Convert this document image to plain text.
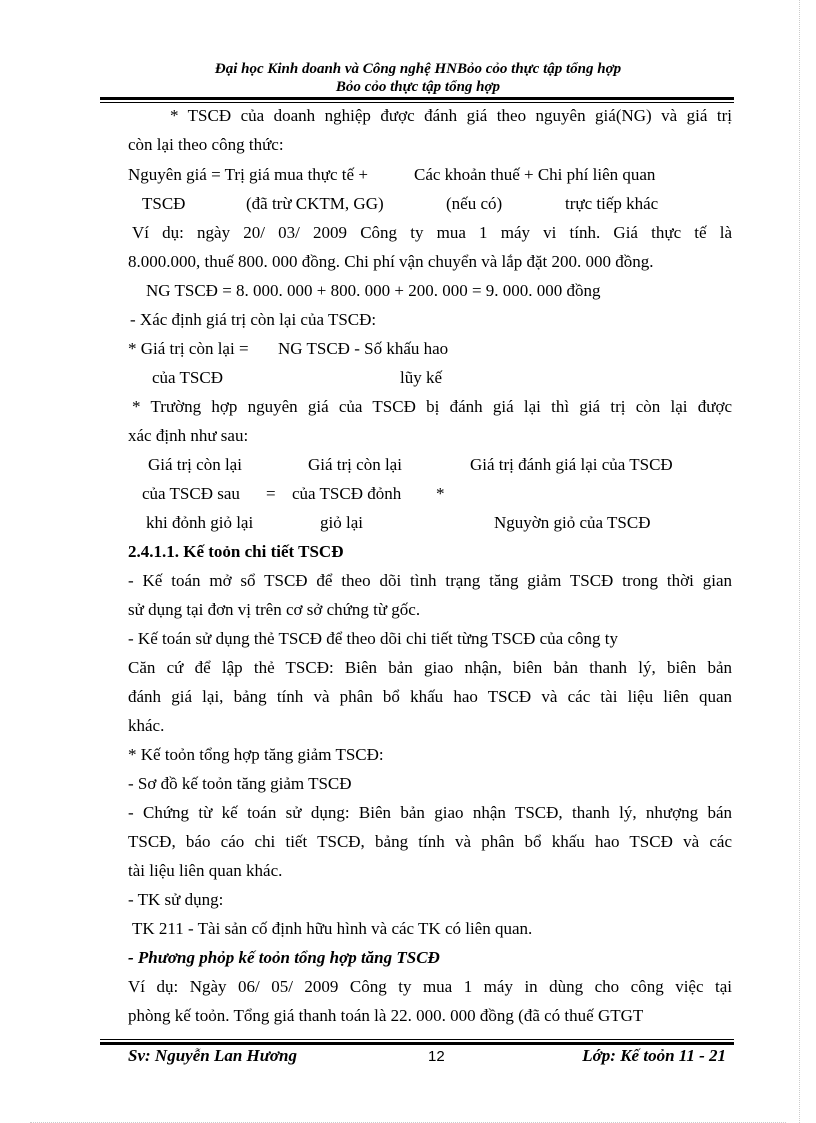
Đại học Kinh doanh và Công nghệ HNBỏo cỏo thực tập tổng hợp
Bỏo cỏo thực tập tổng hợp
* TSCĐ của doanh nghiệp được đánh giá theo nguyên giá(NG) và giá trị
còn lại theo công thức:
Nguyên giá = Trị giá mua thực tế +	Các khoản thuế + Chi phí liên quan
TSCĐ	(đã trừ CKTM, GG)	(nếu có)	trực tiếp khác
Ví dụ: ngày 20/ 03/ 2009 Công ty mua 1 máy vi tính. Giá thực tế là
8.000.000, thuế 800. 000 đồng. Chi phí vận chuyển và lắp đặt 200. 000 đồng.
NG TSCĐ = 8. 000. 000 + 800. 000 + 200. 000 = 9. 000. 000 đồng
- Xác định giá trị còn lại của TSCĐ:
* Giá trị còn lại = NG TSCĐ - Số khấu hao
của TSCĐ	lũy kế
* Trường hợp nguyên giá của TSCĐ bị đánh giá lại thì giá trị còn lại được
xác định như sau:
Giá trị còn lại	Giá trị còn lại	Giá trị đánh giá lại của TSCĐ
của TSCĐ sau = của TSCĐ đỏnh *
khi đỏnh giỏ lại	giỏ lại	Nguyờn giỏ của TSCĐ
2.4.1.1. Kế toỏn chi tiết TSCĐ
- Kế toán mở sổ TSCĐ để theo dõi tình trạng tăng giảm TSCĐ trong thời gian
sử dụng tại đơn vị trên cơ sở chứng từ gốc.
- Kế toán sử dụng thẻ TSCĐ để theo dõi chi tiết từng TSCĐ của công ty
Căn cứ để lập thẻ TSCĐ: Biên bản giao nhận, biên bản thanh lý, biên bản
đánh giá lại, bảng tính và phân bổ khấu hao TSCĐ và các tài liệu liên quan
khác.
* Kế toỏn tổng hợp tăng giảm TSCĐ:
- Sơ đồ kế toỏn tăng giảm TSCĐ
- Chứng từ kế toán sử dụng: Biên bản giao nhận TSCĐ, thanh lý, nhượng bán
TSCĐ, báo cáo chi tiết TSCĐ, bảng tính và phân bổ khấu hao TSCĐ và các
tài liệu liên quan khác.
- TK sử dụng:
TK 211 - Tài sản cố định hữu hình và các TK có liên quan.
- Phương phỏp kế toỏn tổng hợp tăng TSCĐ
Ví dụ: Ngày 06/ 05/ 2009 Công ty mua 1 máy in dùng cho công việc tại
phòng kế toỏn. Tổng giá thanh toán là 22. 000. 000 đồng (đã có thuế GTGT
Sv: Nguyễn Lan Hương	12	Lớp: Kế toỏn 11 - 21
